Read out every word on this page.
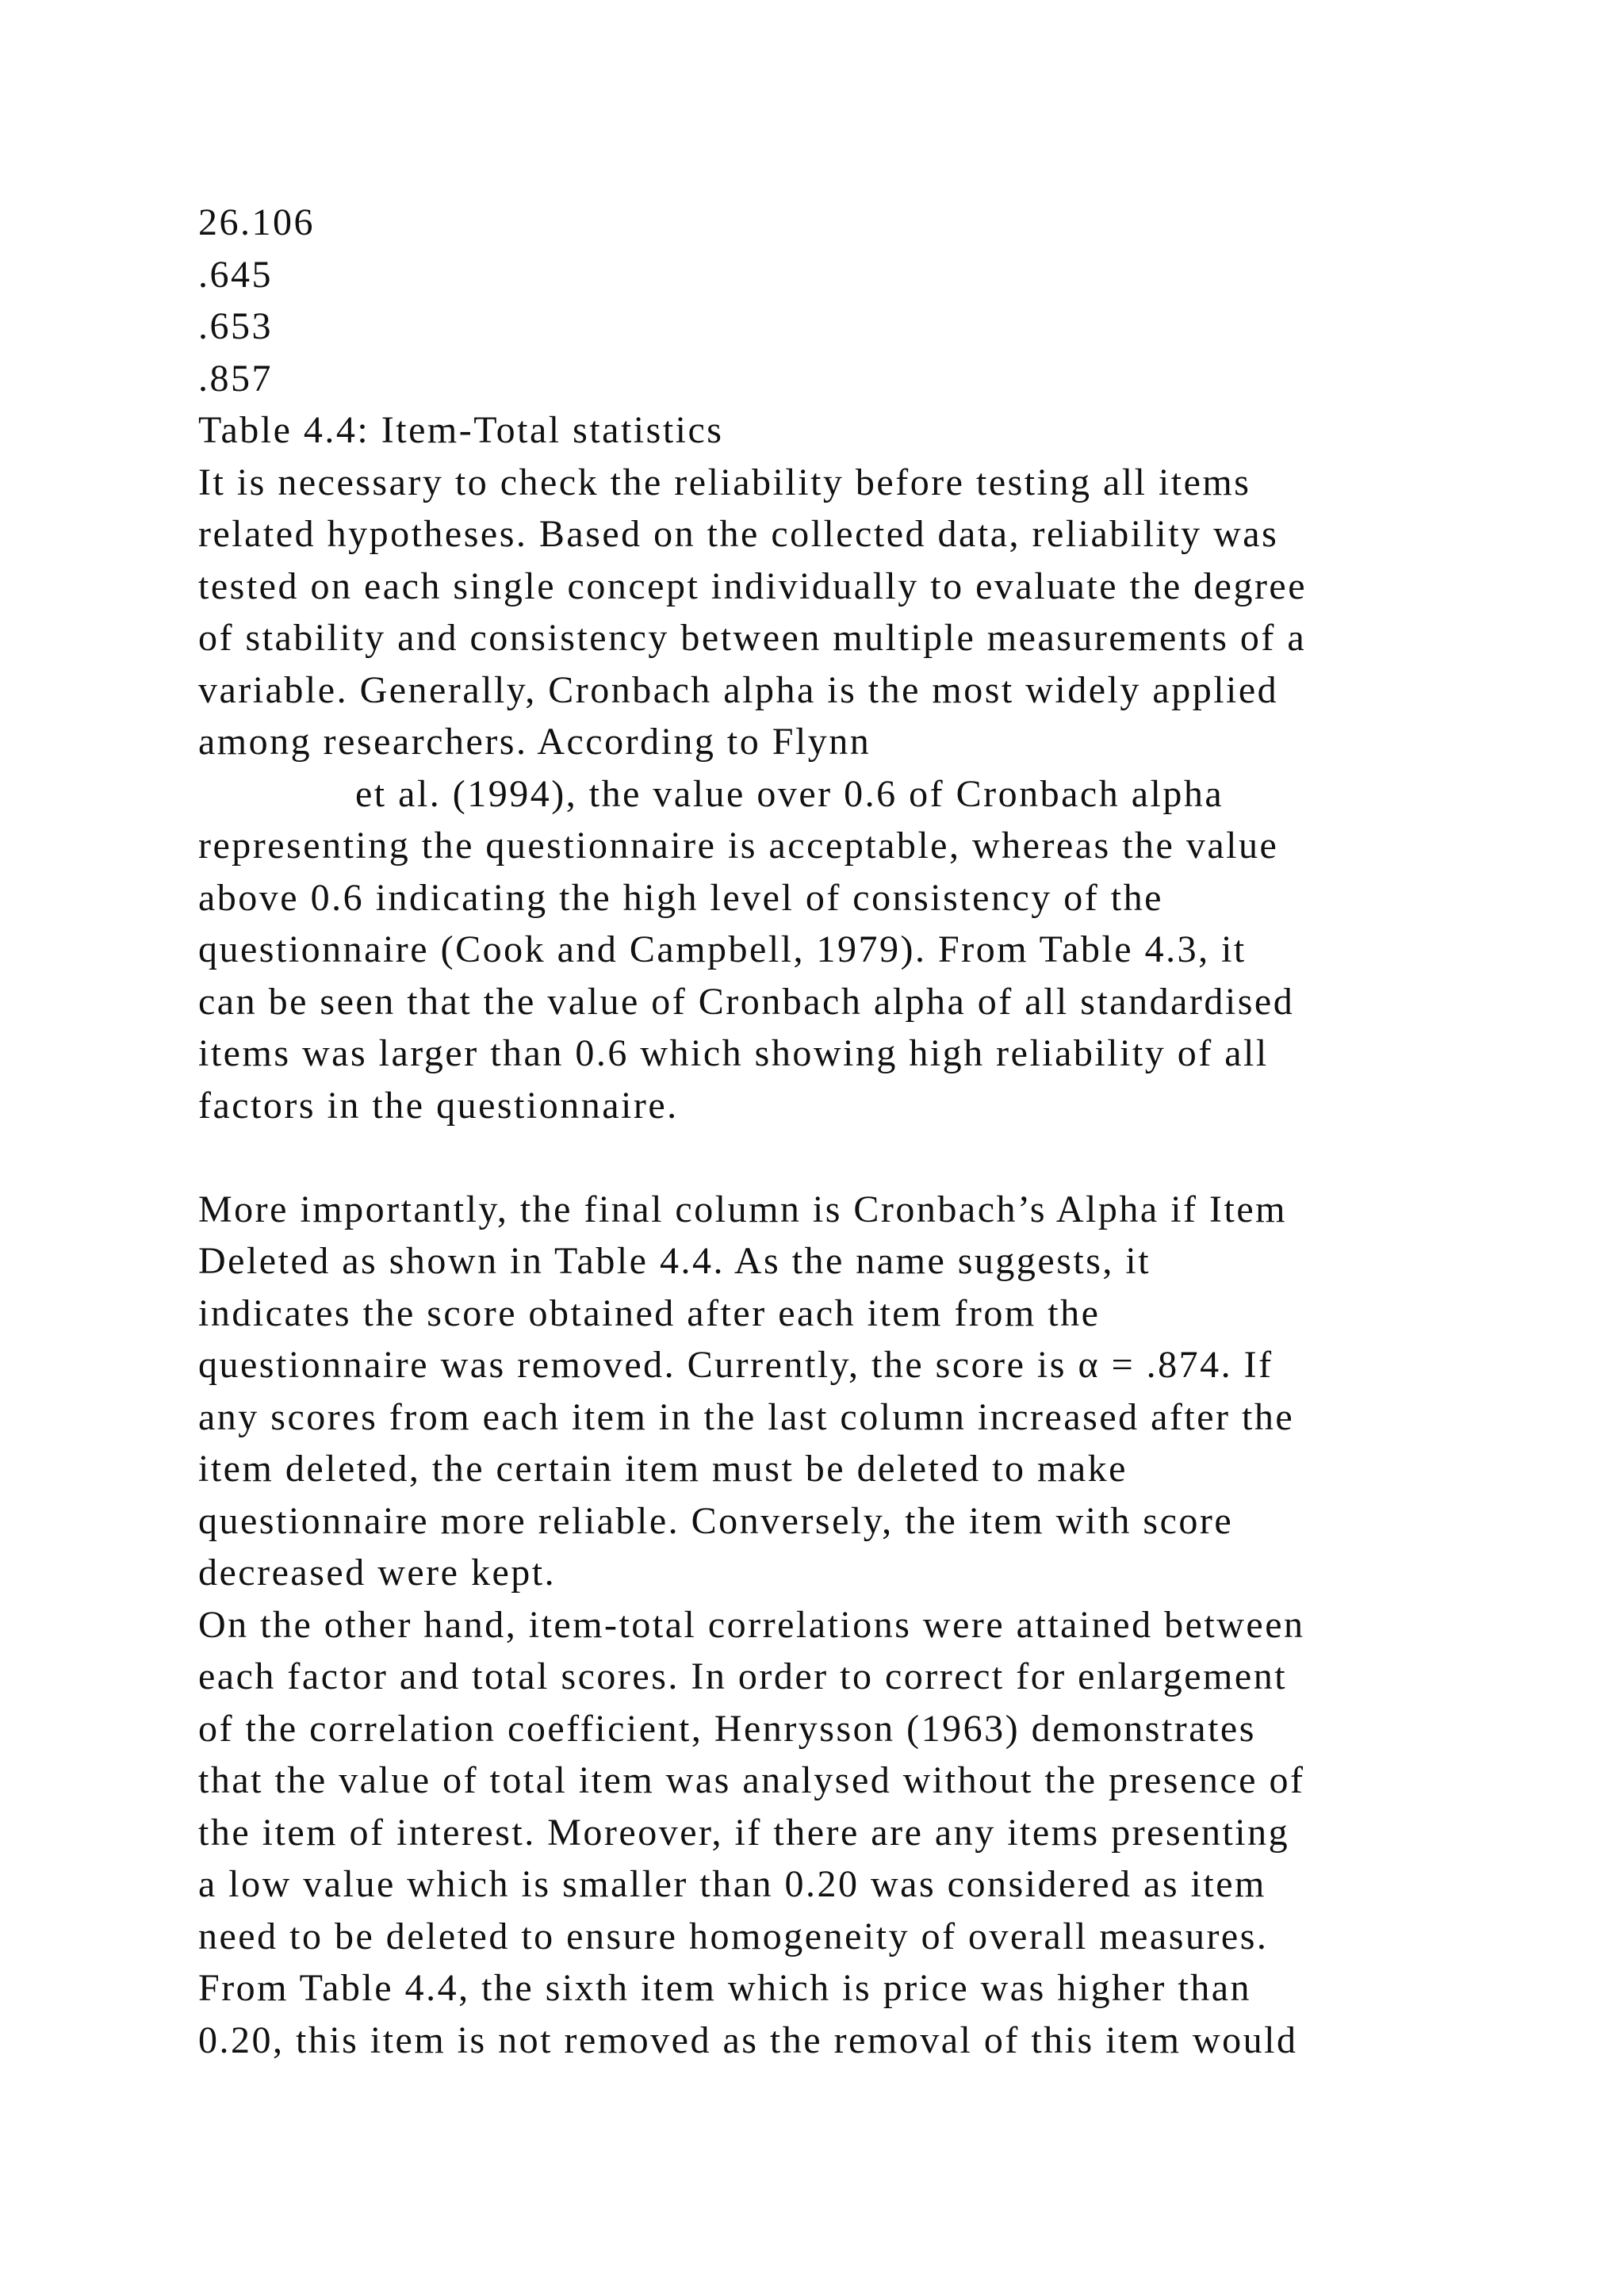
26.106
.645
.653
.857
Table 4.4: Item-Total statistics
It is necessary to check the reliability before testing all items
related hypotheses. Based on the collected data, reliability was
tested on each single concept individually to evaluate the degree
of stability and consistency between multiple measurements of a
variable. Generally, Cronbach alpha is the most widely applied
among researchers. According to Flynn
et al. (1994), the value over 0.6 of Cronbach alpha
representing the questionnaire is acceptable, whereas the value
above 0.6 indicating the high level of consistency of the
questionnaire (Cook and Campbell, 1979). From Table 4.3, it
can be seen that the value of Cronbach alpha of all standardised
items was larger than 0.6 which showing high reliability of all
factors in the questionnaire.
More importantly, the final column is Cronbach’s Alpha if Item
Deleted as shown in Table 4.4. As the name suggests, it
indicates the score obtained after each item from the
questionnaire was removed. Currently, the score is α = .874. If
any scores from each item in the last column increased after the
item deleted, the certain item must be deleted to make
questionnaire more reliable. Conversely, the item with score
decreased were kept.
On the other hand, item-total correlations were attained between
each factor and total scores. In order to correct for enlargement
of the correlation coefficient, Henrysson (1963) demonstrates
that the value of total item was analysed without the presence of
the item of interest. Moreover, if there are any items presenting
a low value which is smaller than 0.20 was considered as item
need to be deleted to ensure homogeneity of overall measures.
From Table 4.4, the sixth item which is price was higher than
0.20, this item is not removed as the removal of this item would
